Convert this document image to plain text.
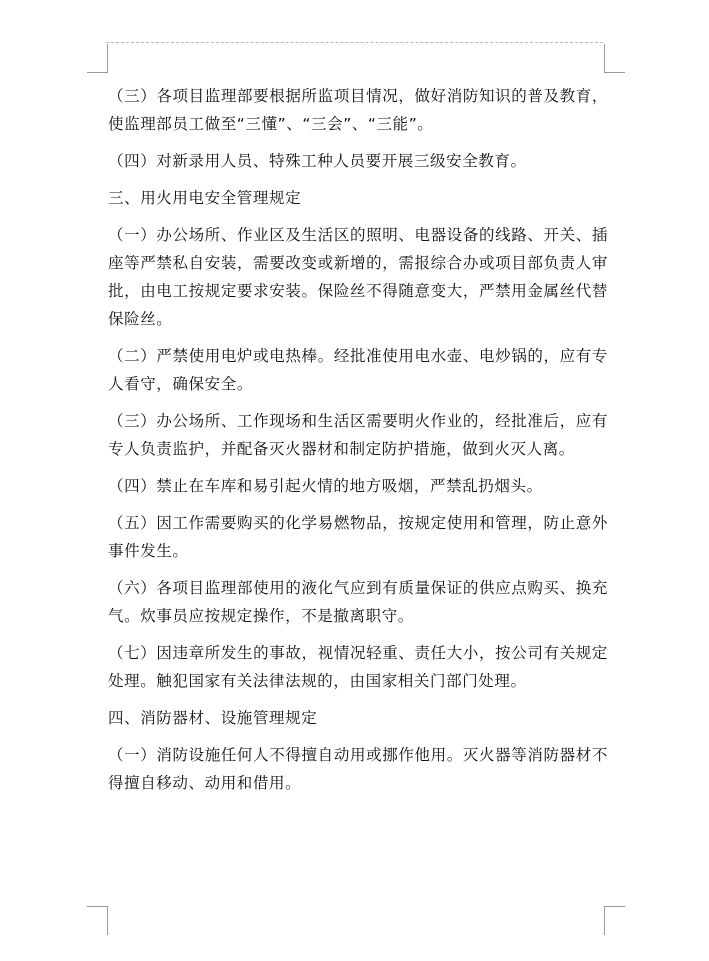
（三）各项目监理部要根据所监项目情况，做好消防知识的普及教育，使监理部员工做至“三懂”、“三会”、“三能”。

（四）对新录用人员、特殊工种人员要开展三级安全教育。

三、用火用电安全管理规定

（一）办公场所、作业区及生活区的照明、电器设备的线路、开关、插座等严禁私自安装，需要改变或新增的，需报综合办或项目部负责人审批，由电工按规定要求安装。保险丝不得随意变大，严禁用金属丝代替保险丝。

（二）严禁使用电炉或电热棒。经批准使用电水壶、电炒锅的，应有专人看守，确保安全。

（三）办公场所、工作现场和生活区需要明火作业的，经批准后，应有专人负责监护，并配备灭火器材和制定防护措施，做到火灭人离。

（四）禁止在车库和易引起火情的地方吸烟，严禁乱扔烟头。

（五）因工作需要购买的化学易燃物品，按规定使用和管理，防止意外事件发生。

（六）各项目监理部使用的液化气应到有质量保证的供应点购买、换充气。炊事员应按规定操作，不是撤离职守。

（七）因违章所发生的事故，视情况轻重、责任大小，按公司有关规定处理。触犯国家有关法律法规的，由国家相关门部门处理。

四、消防器材、设施管理规定

（一）消防设施任何人不得擅自动用或挪作他用。灭火器等消防器材不得擅自移动、动用和借用。
